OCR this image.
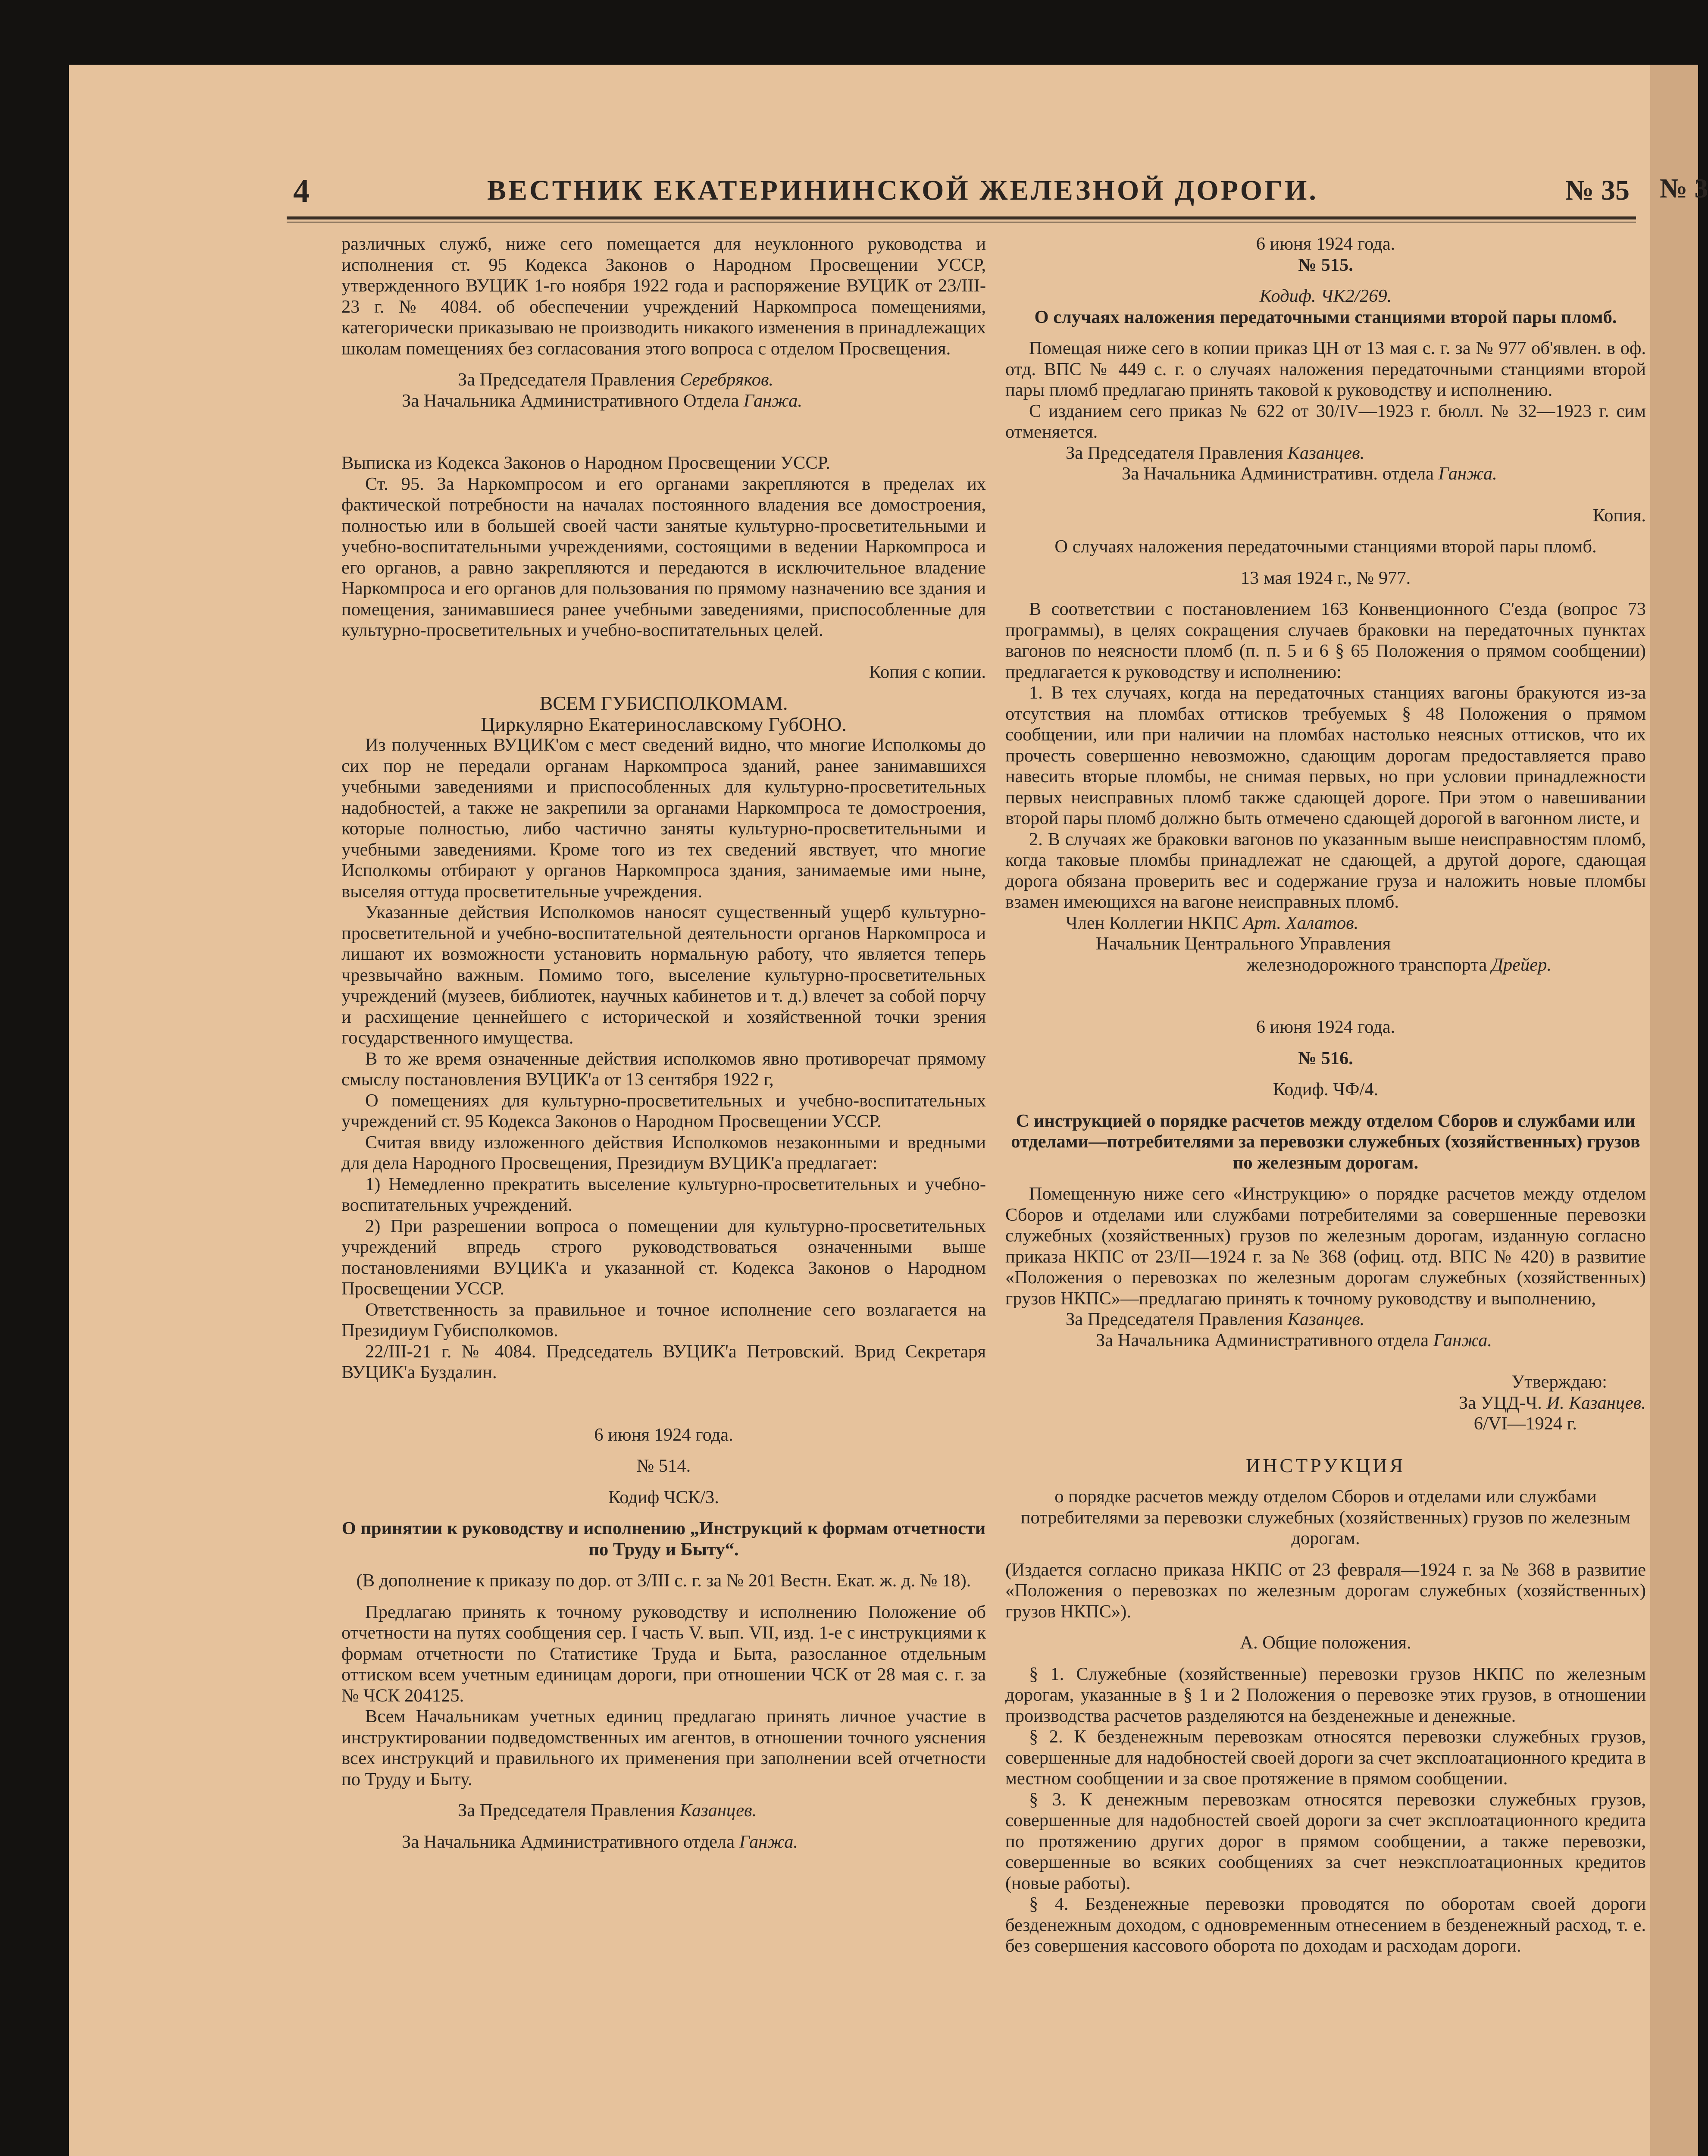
№ 3
4	ВЕСТНИК ЕКАТЕРИНИНСКОЙ ЖЕЛЕЗНОЙ ДОРОГИ.	№ 35

различных служб, ниже сего помещается для неуклонного руководства и исполнения ст. 95 Кодекса Законов о Народном Просвещении УССР, утвержденного ВУЦИК 1-го ноября 1922 года и распоряжение ВУЦИК от 23/III-23 г. № 4084. об обеспечении учреждений Наркомпроса помещениями, категорически приказываю не производить никакого изменения в принадлежащих школам помещениях без согласования этого вопроса с отделом Просвещения.

За Председателя Правления Серебряков.

За Начальника Административного Отдела Ганжа.

Выписка из Кодекса Законов о Народном Просвещении УССР.

Ст. 95. За Наркомпросом и его органами закрепляются в пределах их фактической потребности на началах постоянного владения все домостроения, полностью или в большей своей части занятые культурно-просветительными и учебно-воспитательными учреждениями, состоящими в ведении Наркомпроса и его органов, а равно закрепляются и передаются в исключительное владение Наркомпроса и его органов для пользования по прямому назначению все здания и помещения, занимавшиеся ранее учебными заведениями, приспособленные для культурно-просветительных и учебно-воспитательных целей.

Копия с копии.

ВСЕМ ГУБИСПОЛКОМАМ.

Циркулярно Екатеринославскому ГубОНО.

Из полученных ВУЦИК'ом с мест сведений видно, что многие Исполкомы до сих пор не передали органам Наркомпроса зданий, ранее занимавшихся учебными заведениями и приспособленных для культурно-просветительных надобностей, а также не закрепили за органами Наркомпроса те домостроения, которые полностью, либо частично заняты культурно-просветительными и учебными заведениями. Кроме того из тех сведений явствует, что многие Исполкомы отбирают у органов Наркомпроса здания, занимаемые ими ныне, выселяя оттуда просветительные учреждения.

Указанные действия Исполкомов наносят существенный ущерб культурно-просветительной и учебно-воспитательной деятельности органов Наркомпроса и лишают их возможности установить нормальную работу, что является теперь чрезвычайно важным. Помимо того, выселение культурно-просветительных учреждений (музеев, библиотек, научных кабинетов и т. д.) влечет за собой порчу и расхищение ценнейшего с исторической и хозяйственной точки зрения государственного имущества.

В то же время означенные действия исполкомов явно противоречат прямому смыслу постановления ВУЦИК'а от 13 сентября 1922 г,

О помещениях для культурно-просветительных и учебно-воспитательных учреждений ст. 95 Кодекса Законов о Народном Просвещении УССР.

Считая ввиду изложенного действия Исполкомов незаконными и вредными для дела Народного Просвещения, Президиум ВУЦИК'а предлагает:

1) Немедленно прекратить выселение культурно-просветительных и учебно-воспитательных учреждений.

2) При разрешении вопроса о помещении для культурно-просветительных учреждений впредь строго руководствоваться означенными выше постановлениями ВУЦИК'а и указанной ст. Кодекса Законов о Народном Просвещении УССР.

Ответственность за правильное и точное исполнение сего возлагается на Президиум Губисполкомов.

22/III-21 г. № 4084. Председатель ВУЦИК'а Петровский. Врид Секретаря ВУЦИК'а Буздалин.

6 июня 1924 года.

№ 514.

Кодиф ЧСК/3.

О принятии к руководству и исполнению „Инструкций к формам отчетности по Труду и Быту“.

(В дополнение к приказу по дор. от 3/III с. г. за № 201 Вестн. Екат. ж. д. № 18).

Предлагаю принять к точному руководству и исполнению Положение об отчетности на путях сообщения сер. I часть V. вып. VII, изд. 1-е с инструкциями к формам отчетности по Статистике Труда и Быта, разосланное отдельным оттиском всем учетным единицам дороги, при отношении ЧСК от 28 мая с. г. за № ЧСК 204125.

Всем Начальникам учетных единиц предлагаю принять личное участие в инструктировании подведомственных им агентов, в отношении точного уяснения всех инструкций и правильного их применения при заполнении всей отчетности по Труду и Быту.

За Председателя Правления Казанцев.

За Начальника Административного отдела Ганжа.

6 июня 1924 года.

№ 515.

Кодиф. ЧК2/269.

О случаях наложения передаточными станциями второй пары пломб.

Помещая ниже сего в копии приказ ЦН от 13 мая с. г. за № 977 об'явлен. в оф. отд. ВПС № 449 с. г. о случаях наложения передаточными станциями второй пары пломб предлагаю принять таковой к руководству и исполнению.

С изданием сего приказ № 622 от 30/IV—1923 г. бюлл. № 32—1923 г. сим отменяется.

За Председателя Правления Казанцев.

За Начальника Административн. отдела Ганжа.

Копия.

О случаях наложения передаточными станциями второй пары пломб.

13 мая 1924 г., № 977.

В соответствии с постановлением 163 Конвенционного С'езда (вопрос 73 программы), в целях сокращения случаев браковки на передаточных пунктах вагонов по неясности пломб (п. п. 5 и 6 § 65 Положения о прямом сообщении) предлагается к руководству и исполнению:

1. В тех случаях, когда на передаточных станциях вагоны бракуются из-за отсутствия на пломбах оттисков требуемых § 48 Положения о прямом сообщении, или при наличии на пломбах настолько неясных оттисков, что их прочесть совершенно невозможно, сдающим дорогам предоставляется право навесить вторые пломбы, не снимая первых, но при условии принадлежности первых неисправных пломб также сдающей дороге. При этом о навешивании второй пары пломб должно быть отмечено сдающей дорогой в вагонном листе, и

2. В случаях же браковки вагонов по указанным выше неисправностям пломб, когда таковые пломбы принадлежат не сдающей, а другой дороге, сдающая дорога обязана проверить вес и содержание груза и наложить новые пломбы взамен имеющихся на вагоне неисправных пломб.

Член Коллегии НКПС Арт. Халатов.

Начальник Центрального Управления

железнодорожного транспорта Дрейер.

6 июня 1924 года.

№ 516.

Кодиф. ЧФ/4.

С инструкцией о порядке расчетов между отделом Сборов и службами или отделами—потребителями за перевозки служебных (хозяйственных) грузов по железным дорогам.

Помещенную ниже сего «Инструкцию» о порядке расчетов между отделом Сборов и отделами или службами потребителями за совершенные перевозки служебных (хозяйственных) грузов по железным дорогам, изданную согласно приказа НКПС от 23/II—1924 г. за № 368 (офиц. отд. ВПС № 420) в развитие «Положения о перевозках по железным дорогам служебных (хозяйственных) грузов НКПС»—предлагаю принять к точному руководству и выполнению,

За Председателя Правления Казанцев.

За Начальника Административного отдела Ганжа.

Утверждаю:

За УЦД-Ч. И. Казанцев.

6/VI—1924 г.

ИНСТРУКЦИЯ

о порядке расчетов между отделом Сборов и отделами или службами потребителями за перевозки служебных (хозяйственных) грузов по железным дорогам.

(Издается согласно приказа НКПС от 23 февраля—1924 г. за № 368 в развитие «Положения о перевозках по железным дорогам служебных (хозяйственных) грузов НКПС»).

А. Общие положения.

§ 1. Служебные (хозяйственные) перевозки грузов НКПС по железным дорогам, указанные в § 1 и 2 Положения о перевозке этих грузов, в отношении производства расчетов разделяются на безденежные и денежные.

§ 2. К безденежным перевозкам относятся перевозки служебных грузов, совершенные для надобностей своей дороги за счет эксплоатационного кредита в местном сообщении и за свое протяжение в прямом сообщении.

§ 3. К денежным перевозкам относятся перевозки служебных грузов, совершенные для надобностей своей дороги за счет эксплоатационного кредита по протяжению других дорог в прямом сообщении, а также перевозки, совершенные во всяких сообщениях за счет неэксплоатационных кредитов (новые работы).

§ 4. Безденежные перевозки проводятся по оборотам своей дороги безденежным доходом, с одновременным отнесением в безденежный расход, т. е. без совершения кассового оборота по доходам и расходам дороги.
